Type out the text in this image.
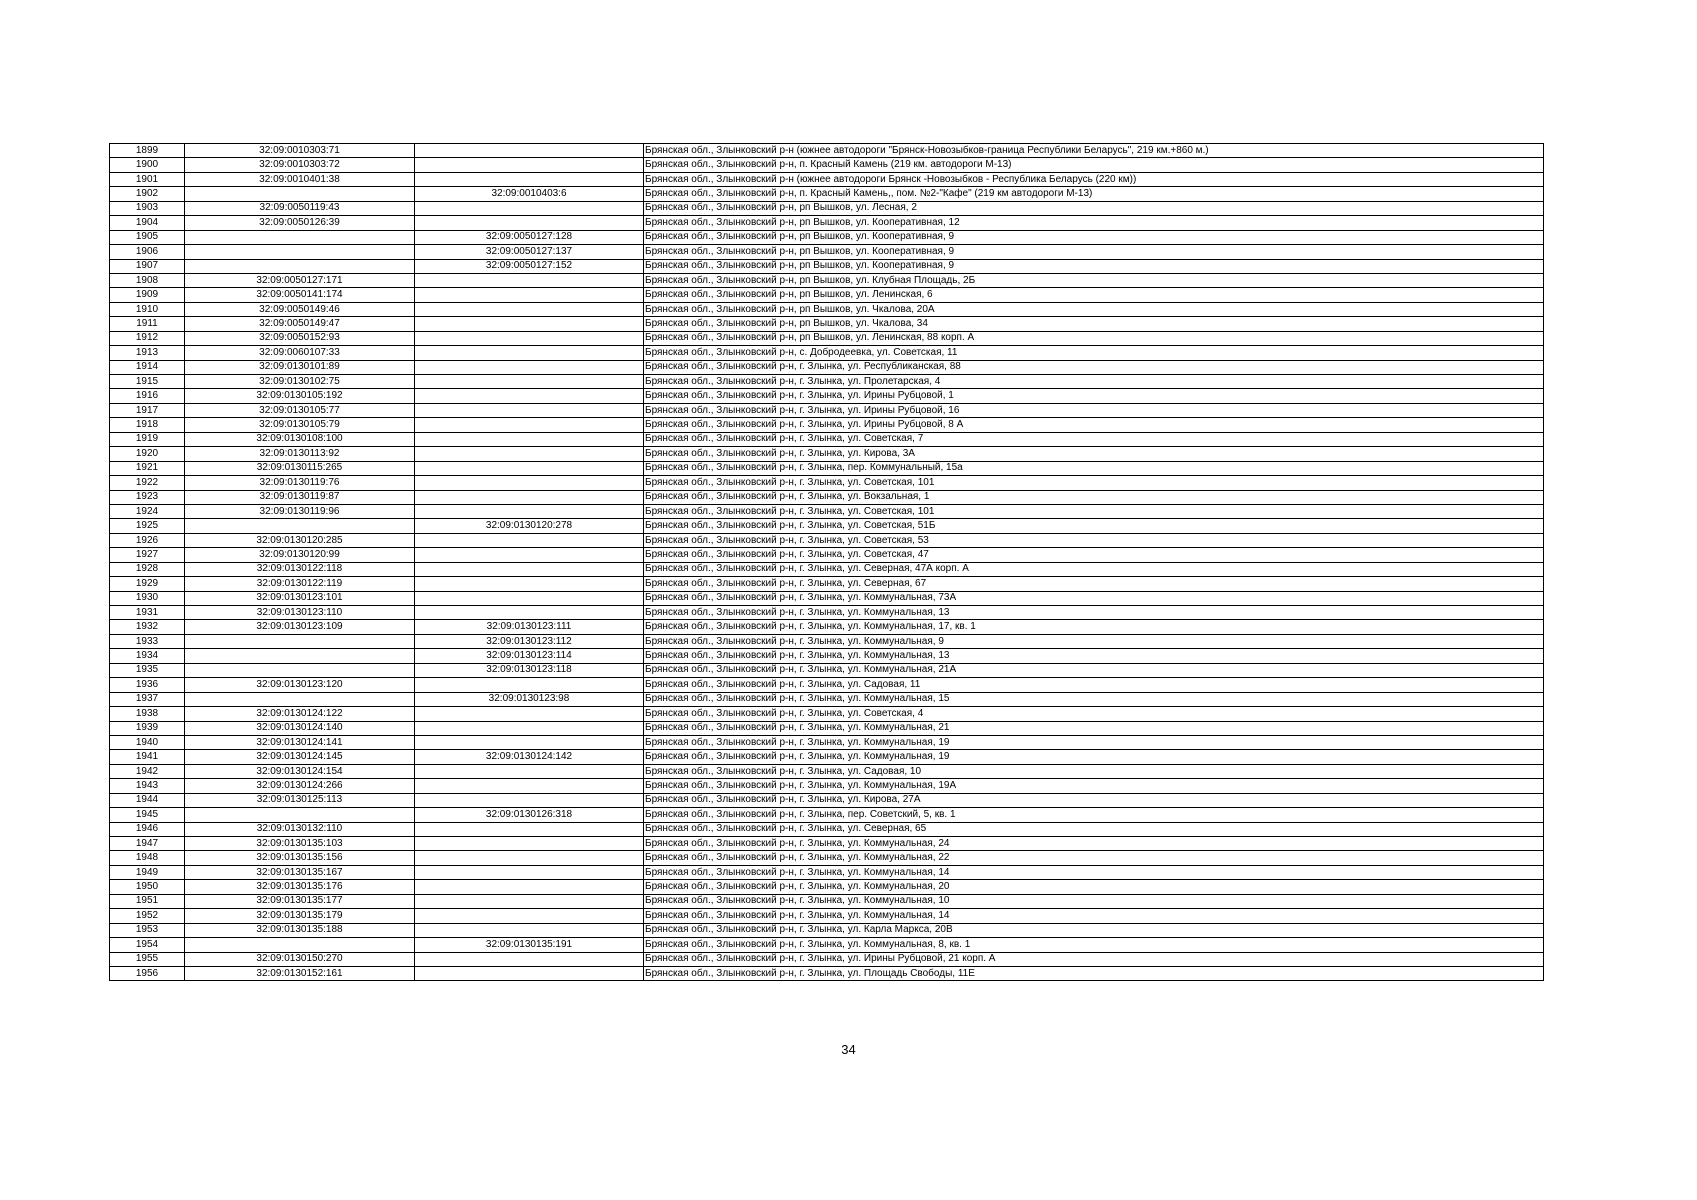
1899	32:09:0010303:71		Брянская обл., Злынковский р-н (южнее автодороги "Брянск-Новозыбков-граница Республики Беларусь", 219 км.+860 м.)
1900	32:09:0010303:72		Брянская обл., Злынковский р-н, п. Красный Камень (219 км. автодороги М-13)
1901	32:09:0010401:38		Брянская обл., Злынковский р-н (южнее автодороги Брянск -Новозыбков - Республика Беларусь (220 км))
1902		32:09:0010403:6	Брянская обл., Злынковский р-н, п. Красный Камень,, пом. №2-"Кафе" (219 км автодороги М-13)
1903	32:09:0050119:43		Брянская обл., Злынковский р-н, рп Вышков, ул. Лесная, 2
1904	32:09:0050126:39		Брянская обл., Злынковский р-н, рп Вышков, ул. Кооперативная, 12
1905		32:09:0050127:128	Брянская обл., Злынковский р-н, рп Вышков, ул. Кооперативная, 9
1906		32:09:0050127:137	Брянская обл., Злынковский р-н, рп Вышков, ул. Кооперативная, 9
1907		32:09:0050127:152	Брянская обл., Злынковский р-н, рп Вышков, ул. Кооперативная, 9
1908	32:09:0050127:171		Брянская обл., Злынковский р-н, рп Вышков, ул. Клубная Площадь, 2Б
1909	32:09:0050141:174		Брянская обл., Злынковский р-н, рп Вышков, ул. Ленинская, 6
1910	32:09:0050149:46		Брянская обл., Злынковский р-н, рп Вышков, ул. Чкалова, 20А
1911	32:09:0050149:47		Брянская обл., Злынковский р-н, рп Вышков, ул. Чкалова, 34
1912	32:09:0050152:93		Брянская обл., Злынковский р-н, рп Вышков, ул. Ленинская, 88 корп. А
1913	32:09:0060107:33		Брянская обл., Злынковский р-н, с. Добродеевка, ул. Советская, 11
1914	32:09:0130101:89		Брянская обл., Злынковский р-н, г. Злынка, ул. Республиканская, 88
1915	32:09:0130102:75		Брянская обл., Злынковский р-н, г. Злынка, ул. Пролетарская, 4
1916	32:09:0130105:192		Брянская обл., Злынковский р-н, г. Злынка, ул. Ирины Рубцовой, 1
1917	32:09:0130105:77		Брянская обл., Злынковский р-н, г. Злынка, ул. Ирины Рубцовой, 16
1918	32:09:0130105:79		Брянская обл., Злынковский р-н, г. Злынка, ул. Ирины Рубцовой, 8 А
1919	32:09:0130108:100		Брянская обл., Злынковский р-н, г. Злынка, ул. Советская, 7
1920	32:09:0130113:92		Брянская обл., Злынковский р-н, г. Злынка, ул. Кирова, 3А
1921	32:09:0130115:265		Брянская обл., Злынковский р-н, г. Злынка, пер. Коммунальный, 15а
1922	32:09:0130119:76		Брянская обл., Злынковский р-н, г. Злынка, ул. Советская, 101
1923	32:09:0130119:87		Брянская обл., Злынковский р-н, г. Злынка, ул. Вокзальная, 1
1924	32:09:0130119:96		Брянская обл., Злынковский р-н, г. Злынка, ул. Советская, 101
1925		32:09:0130120:278	Брянская обл., Злынковский р-н, г. Злынка, ул. Советская, 51Б
1926	32:09:0130120:285		Брянская обл., Злынковский р-н, г. Злынка, ул. Советская, 53
1927	32:09:0130120:99		Брянская обл., Злынковский р-н, г. Злынка, ул. Советская, 47
1928	32:09:0130122:118		Брянская обл., Злынковский р-н, г. Злынка, ул. Северная, 47А корп. А
1929	32:09:0130122:119		Брянская обл., Злынковский р-н, г. Злынка, ул. Северная, 67
1930	32:09:0130123:101		Брянская обл., Злынковский р-н, г. Злынка, ул. Коммунальная, 73А
1931	32:09:0130123:110		Брянская обл., Злынковский р-н, г. Злынка, ул. Коммунальная, 13
1932	32:09:0130123:109	32:09:0130123:111	Брянская обл., Злынковский р-н, г. Злынка, ул. Коммунальная, 17, кв. 1
1933		32:09:0130123:112	Брянская обл., Злынковский р-н, г. Злынка, ул. Коммунальная, 9
1934		32:09:0130123:114	Брянская обл., Злынковский р-н, г. Злынка, ул. Коммунальная, 13
1935		32:09:0130123:118	Брянская обл., Злынковский р-н, г. Злынка, ул. Коммунальная, 21А
1936	32:09:0130123:120		Брянская обл., Злынковский р-н, г. Злынка, ул. Садовая, 11
1937		32:09:0130123:98	Брянская обл., Злынковский р-н, г. Злынка, ул. Коммунальная, 15
1938	32:09:0130124:122		Брянская обл., Злынковский р-н, г. Злынка, ул. Советская, 4
1939	32:09:0130124:140		Брянская обл., Злынковский р-н, г. Злынка, ул. Коммунальная, 21
1940	32:09:0130124:141		Брянская обл., Злынковский р-н, г. Злынка, ул. Коммунальная, 19
1941	32:09:0130124:145	32:09:0130124:142	Брянская обл., Злынковский р-н, г. Злынка, ул. Коммунальная, 19
1942	32:09:0130124:154		Брянская обл., Злынковский р-н, г. Злынка, ул. Садовая, 10
1943	32:09:0130124:266		Брянская обл., Злынковский р-н, г. Злынка, ул. Коммунальная, 19А
1944	32:09:0130125:113		Брянская обл., Злынковский р-н, г. Злынка, ул. Кирова, 27А
1945		32:09:0130126:318	Брянская обл., Злынковский р-н, г. Злынка, пер. Советский, 5, кв. 1
1946	32:09:0130132:110		Брянская обл., Злынковский р-н, г. Злынка, ул. Северная, 65
1947	32:09:0130135:103		Брянская обл., Злынковский р-н, г. Злынка, ул. Коммунальная, 24
1948	32:09:0130135:156		Брянская обл., Злынковский р-н, г. Злынка, ул. Коммунальная, 22
1949	32:09:0130135:167		Брянская обл., Злынковский р-н, г. Злынка, ул. Коммунальная, 14
1950	32:09:0130135:176		Брянская обл., Злынковский р-н, г. Злынка, ул. Коммунальная, 20
1951	32:09:0130135:177		Брянская обл., Злынковский р-н, г. Злынка, ул. Коммунальная, 10
1952	32:09:0130135:179		Брянская обл., Злынковский р-н, г. Злынка, ул. Коммунальная, 14
1953	32:09:0130135:188		Брянская обл., Злынковский р-н, г. Злынка, ул. Карла Маркса, 20В
1954		32:09:0130135:191	Брянская обл., Злынковский р-н, г. Злынка, ул. Коммунальная, 8, кв. 1
1955	32:09:0130150:270		Брянская обл., Злынковский р-н, г. Злынка, ул. Ирины Рубцовой, 21 корп. А
1956	32:09:0130152:161		Брянская обл., Злынковский р-н, г. Злынка, ул. Площадь Свободы, 11Е
34
